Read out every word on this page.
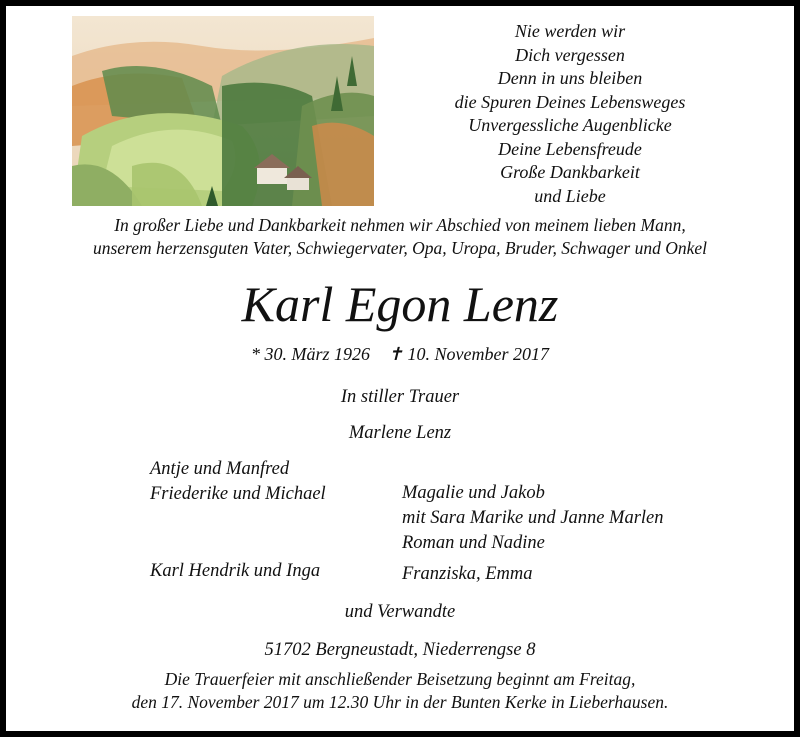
Nie werden wir
Dich vergessen
Denn in uns bleiben
die Spuren Deines Lebensweges
Unvergessliche Augenblicke
Deine Lebensfreude
Große Dankbarkeit
und Liebe
In großer Liebe und Dankbarkeit nehmen wir Abschied von meinem lieben Mann,
unserem herzensguten Vater, Schwiegervater, Opa, Uropa, Bruder, Schwager und Onkel
Karl Egon Lenz
* 30. März 1926 ✝ 10. November 2017
In stiller Trauer
Marlene Lenz
Antje und Manfred
Friederike und Michael
Karl Hendrik und Inga
Magalie und Jakob
mit Sara Marike und Janne Marlen
Roman und Nadine
Franziska, Emma
und Verwandte
51702 Bergneustadt, Niederrengse 8
Die Trauerfeier mit anschließender Beisetzung beginnt am Freitag,
den 17. November 2017 um 12.30 Uhr in der Bunten Kerke in Lieberhausen.
